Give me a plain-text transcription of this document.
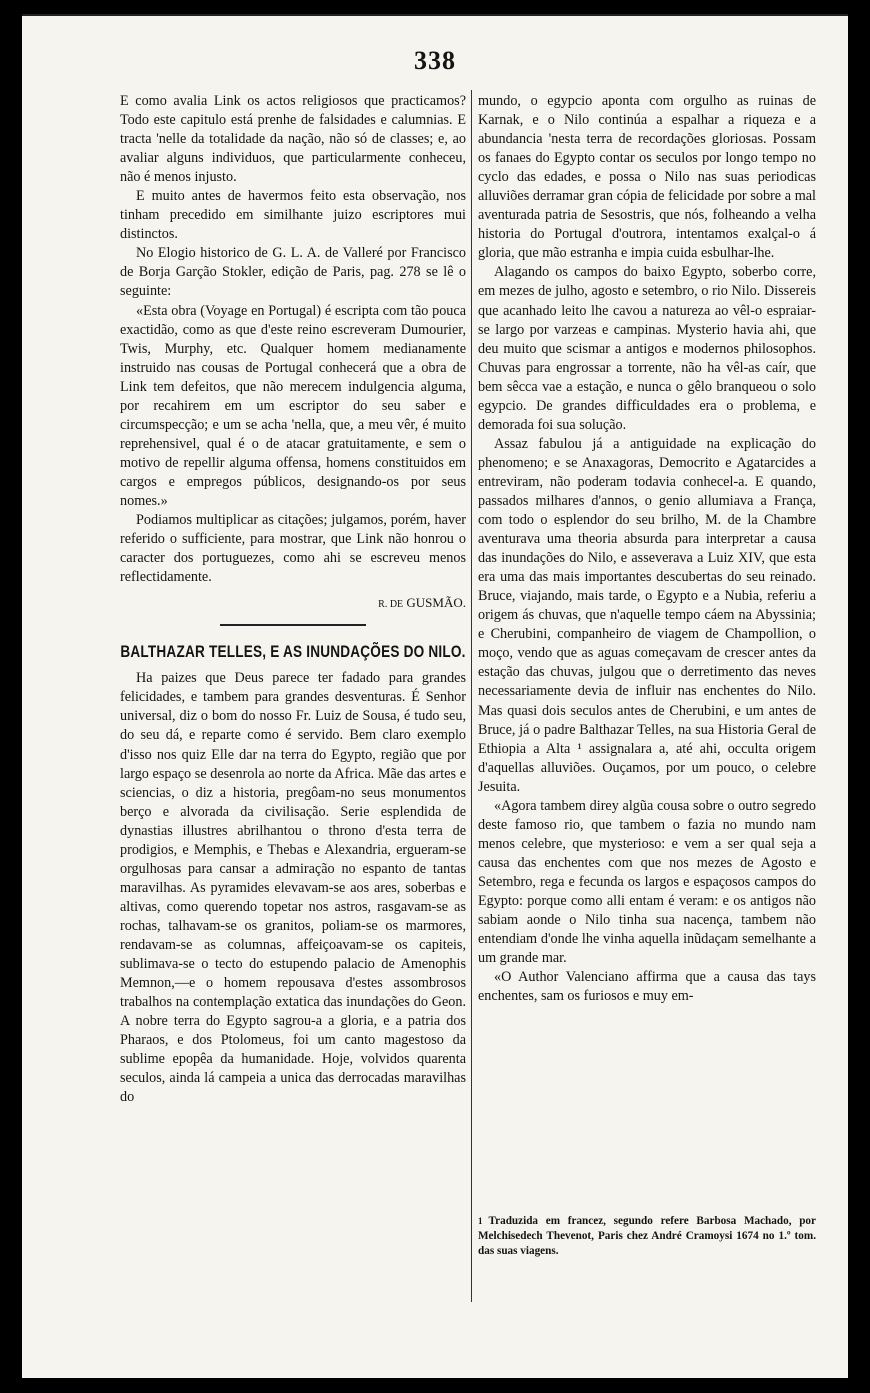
338

E como avalia Link os actos religiosos que practicamos? Todo este capitulo está prenhe de falsidades e calumnias. E tracta 'nelle da totalidade da nação, não só de classes; e, ao avaliar alguns individuos, que particularmente conheceu, não é menos injusto.

E muito antes de havermos feito esta observação, nos tinham precedido em similhante juizo escriptores mui distinctos.

No Elogio historico de G. L. A. de Valleré por Francisco de Borja Garção Stokler, edição de Paris, pag. 278 se lê o seguinte:

«Esta obra (Voyage en Portugal) é escripta com tão pouca exactidão, como as que d'este reino escreveram Dumourier, Twis, Murphy, etc. Qualquer homem medianamente instruido nas cousas de Portugal conhecerá que a obra de Link tem defeitos, que não merecem indulgencia alguma, por recahirem em um escriptor do seu saber e circumspecção; e um se acha 'nella, que, a meu vêr, é muito reprehensivel, qual é o de atacar gratuitamente, e sem o motivo de repellir alguma offensa, homens constituidos em cargos e empregos públicos, designando-os por seus nomes.»

Podiamos multiplicar as citações; julgamos, porém, haver referido o sufficiente, para mostrar, que Link não honrou o caracter dos portuguezes, como ahi se escreveu menos reflectidamente.

R. DE GUSMÃO.
BALTHAZAR TELLES, E AS INUNDAÇÕES DO NILO.

Ha paizes que Deus parece ter fadado para grandes felicidades, e tambem para grandes desventuras. É Senhor universal, diz o bom do nosso Fr. Luiz de Sousa, é tudo seu, do seu dá, e reparte como é servido. Bem claro exemplo d'isso nos quiz Elle dar na terra do Egypto, região que por largo espaço se desenrola ao norte da Africa. Mãe das artes e sciencias, o diz a historia, pregôam-no seus monumentos berço e alvorada da civilisação. Serie esplendida de dynastias illustres abrilhantou o throno d'esta terra de prodigios, e Memphis, e Thebas e Alexandria, ergueram-se orgulhosas para cansar a admiração no espanto de tantas maravilhas. As pyramides elevavam-se aos ares, soberbas e altivas, como querendo topetar nos astros, rasgavam-se as rochas, talhavam-se os granitos, poliam-se os marmores, rendavam-se as columnas, affeiçoavam-se os capiteis, sublimava-se o tecto do estupendo palacio de Amenophis Memnon,—e o homem repousava d'estes assombrosos trabalhos na contemplação extatica das inundações do Geon. A nobre terra do Egypto sagrou-a a gloria, e a patria dos Pharaos, e dos Ptolomeus, foi um canto magestoso da sublime epopêa da humanidade. Hoje, volvidos quarenta seculos, ainda lá campeia a unica das derrocadas maravilhas do

mundo, o egypcio aponta com orgulho as ruinas de Karnak, e o Nilo continúa a espalhar a riqueza e a abundancia 'nesta terra de recordações gloriosas. Possam os fanaes do Egypto contar os seculos por longo tempo no cyclo das edades, e possa o Nilo nas suas periodicas alluviões derramar gran cópia de felicidade por sobre a mal aventurada patria de Sesostris, que nós, folheando a velha historia do Portugal d'outrora, intentamos exalçal-o á gloria, que mão estranha e impia cuida esbulhar-lhe.

Alagando os campos do baixo Egypto, soberbo corre, em mezes de julho, agosto e setembro, o rio Nilo. Dissereis que acanhado leito lhe cavou a natureza ao vêl-o espraiar-se largo por varzeas e campinas. Mysterio havia ahi, que deu muito que scismar a antigos e modernos philosophos. Chuvas para engrossar a torrente, não ha vêl-as caír, que bem sêcca vae a estação, e nunca o gêlo branqueou o solo egypcio. De grandes difficuldades era o problema, e demorada foi sua solução.

Assaz fabulou já a antiguidade na explicação do phenomeno; e se Anaxagoras, Democrito e Agatarcides a entreviram, não poderam todavia conhecel-a. E quando, passados milhares d'annos, o genio allumiava a França, com todo o esplendor do seu brilho, M. de la Chambre aventurava uma theoria absurda para interpretar a causa das inundações do Nilo, e asseverava a Luiz XIV, que esta era uma das mais importantes descubertas do seu reinado. Bruce, viajando, mais tarde, o Egypto e a Nubia, referiu a origem ás chuvas, que n'aquelle tempo cáem na Abyssinia; e Cherubini, companheiro de viagem de Champollion, o moço, vendo que as aguas começavam de crescer antes da estação das chuvas, julgou que o derretimento das neves necessariamente devia de influir nas enchentes do Nilo. Mas quasi dois seculos antes de Cherubini, e um antes de Bruce, já o padre Balthazar Telles, na sua Historia Geral de Ethiopia a Alta ¹ assignalara a, até ahi, occulta origem d'aquellas alluviões. Ouçamos, por um pouco, o celebre Jesuita.

«Agora tambem direy algũa cousa sobre o outro segredo deste famoso rio, que tambem o fazia no mundo nam menos celebre, que mysterioso: e vem a ser qual seja a causa das enchentes com que nos mezes de Agosto e Setembro, rega e fecunda os largos e espaçosos campos do Egypto: porque como alli entam é veram: e os antigos não sabiam aonde o Nilo tinha sua nacença, tambem não entendiam d'onde lhe vinha aquella inũdaçam semelhante a um grande mar.

«O Author Valenciano affirma que a causa das tays enchentes, sam os furiosos e muy em-

$^1$ Traduzida em francez, segundo refere Barbosa Machado, por Melchisedech Thevenot, Paris chez André Cramoysi 1674 no 1.º tom. das suas viagens.
